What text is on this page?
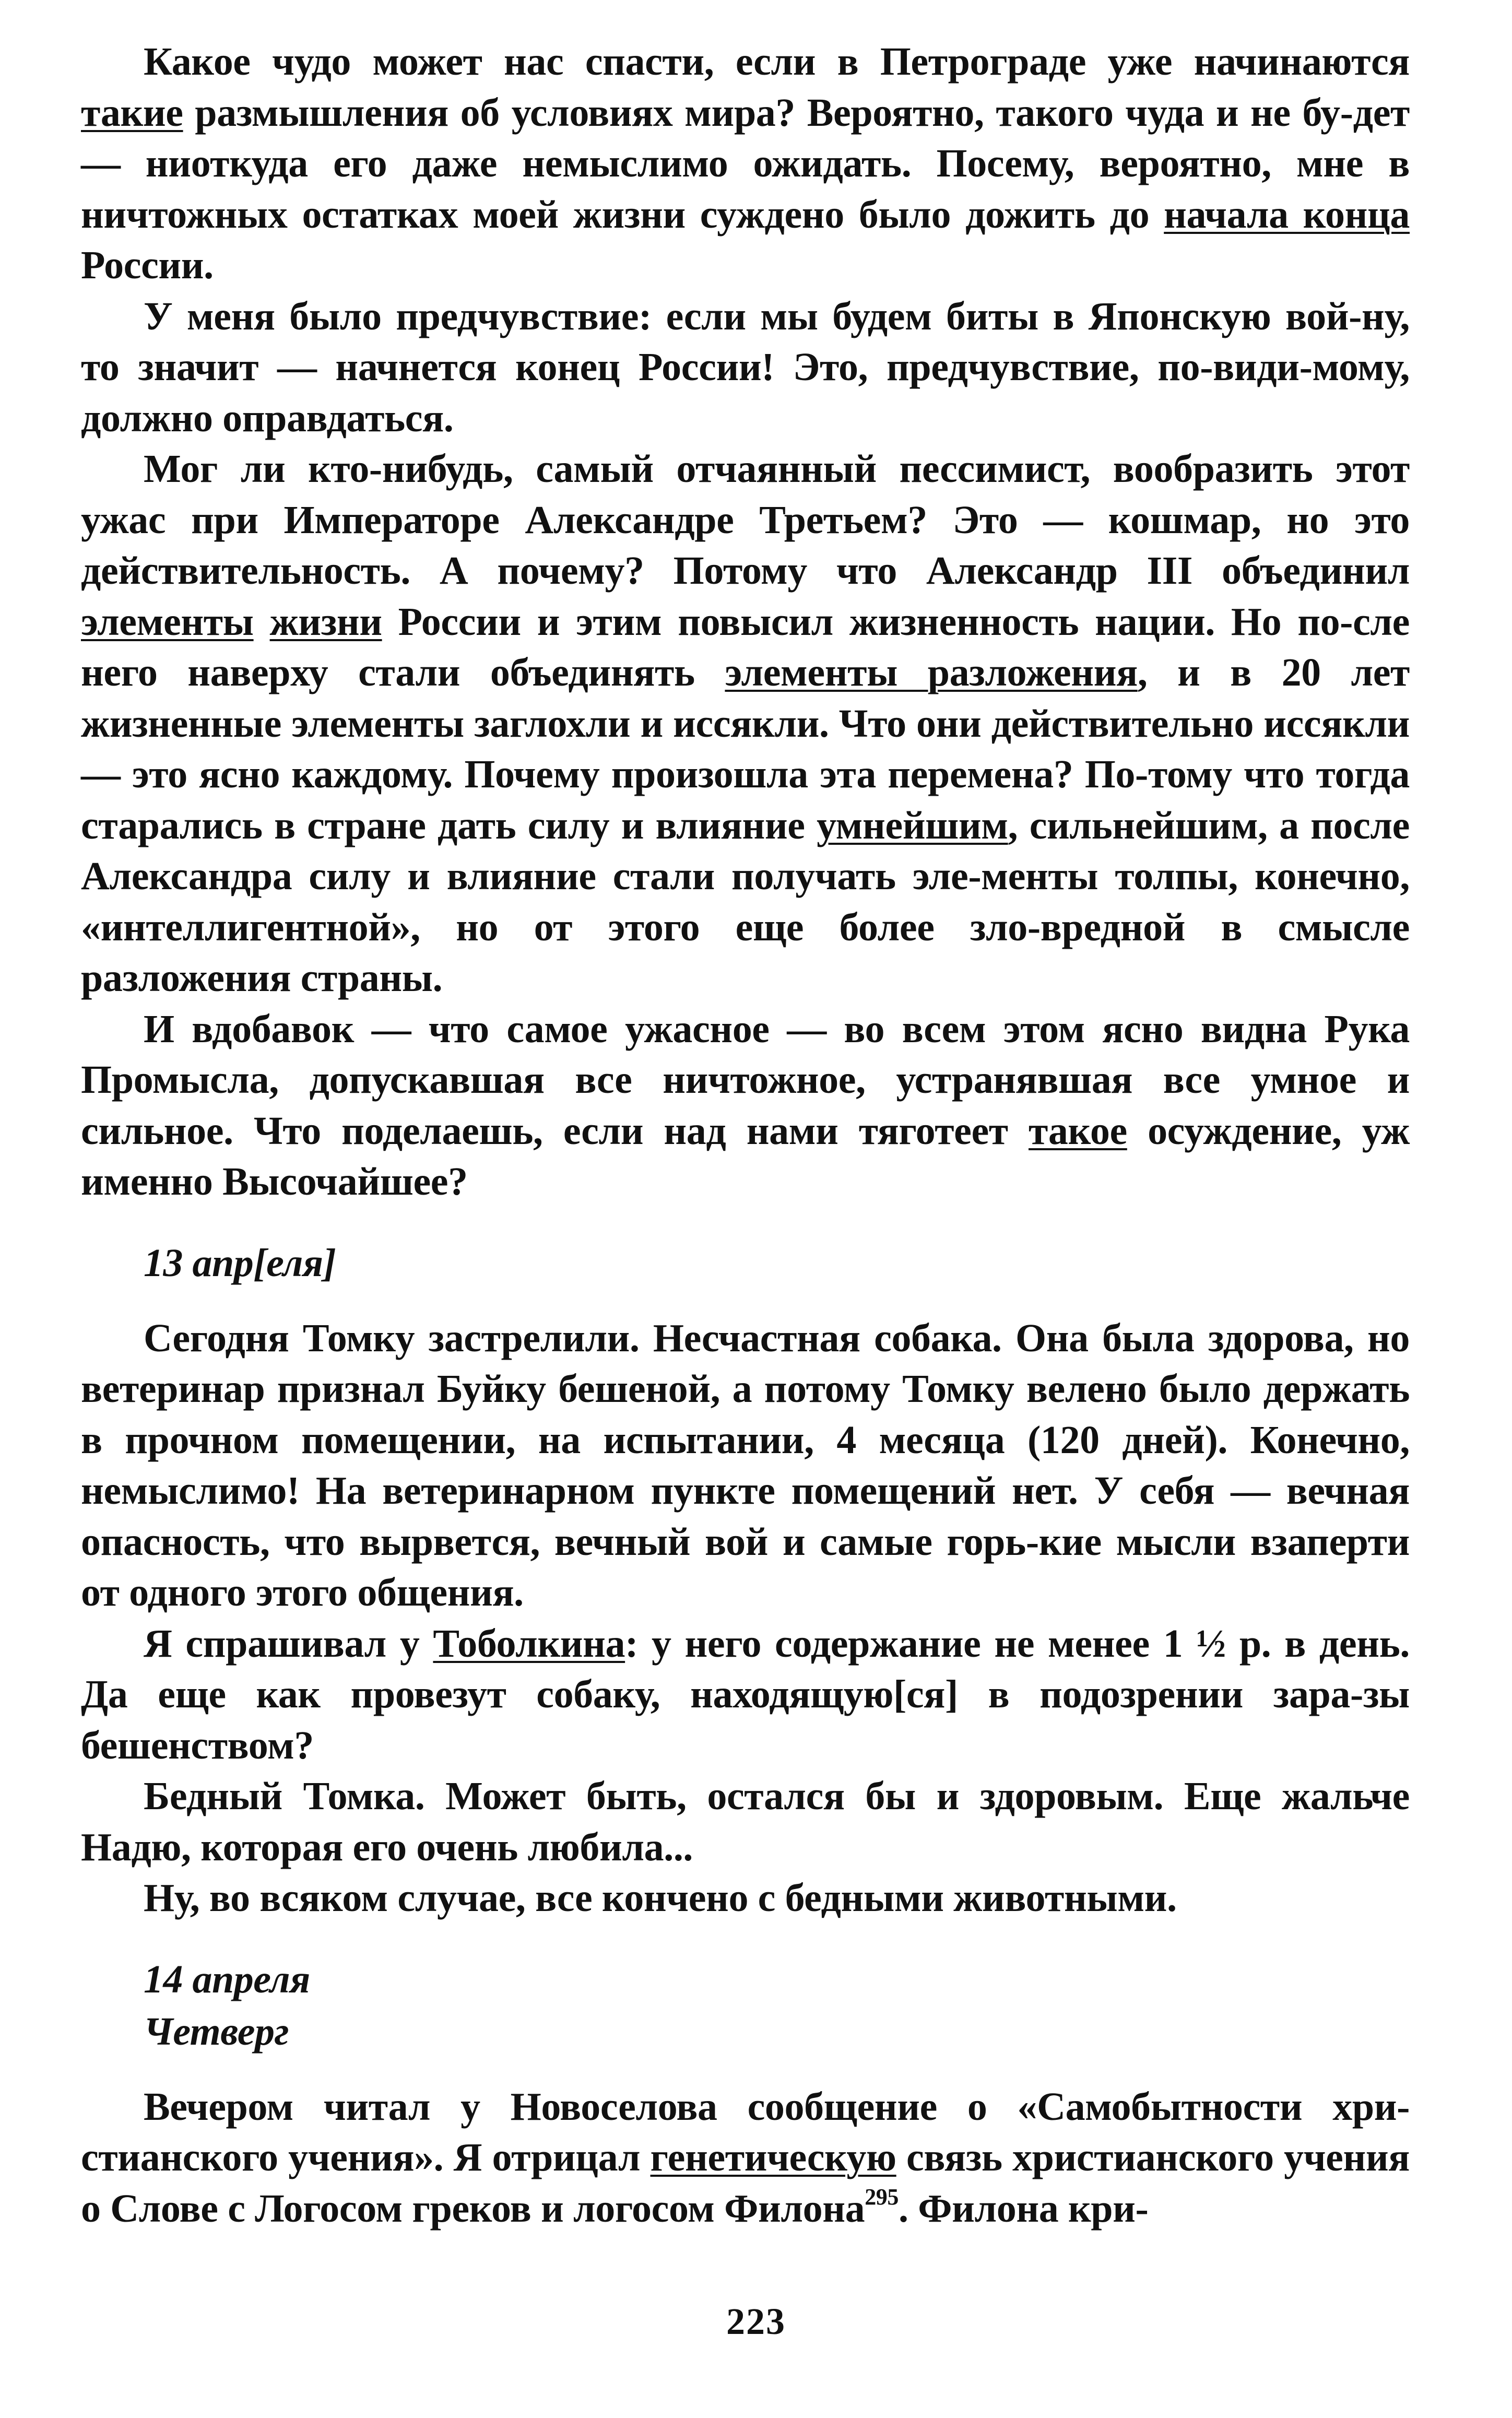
Какое чудо может нас спасти, если в Петрограде уже начинаются такие размышления об условиях мира? Вероятно, такого чуда и не бу-дет — ниоткуда его даже немыслимо ожидать. Посему, вероятно, мне в ничтожных остатках моей жизни суждено было дожить до начала конца России.

У меня было предчувствие: если мы будем биты в Японскую вой-ну, то значит — начнется конец России! Это, предчувствие, по-види-мому, должно оправдаться.

Мог ли кто-нибудь, самый отчаянный пессимист, вообразить этот ужас при Императоре Александре Третьем? Это — кошмар, но это действительность. А почему? Потому что Александр III объединил элементы жизни России и этим повысил жизненность нации. Но по-сле него наверху стали объединять элементы разложения, и в 20 лет жизненные элементы заглохли и иссякли. Что они действительно иссякли — это ясно каждому. Почему произошла эта перемена? По-тому что тогда старались в стране дать силу и влияние умнейшим, сильнейшим, а после Александра силу и влияние стали получать эле-менты толпы, конечно, «интеллигентной», но от этого еще более зло-вредной в смысле разложения страны.

И вдобавок — что самое ужасное — во всем этом ясно видна Рука Промысла, допускавшая все ничтожное, устранявшая все умное и сильное. Что поделаешь, если над нами тяготеет такое осуждение, уж именно Высочайшее?

13 апр[еля]

Сегодня Томку застрелили. Несчастная собака. Она была здорова, но ветеринар признал Буйку бешеной, а потому Томку велено было держать в прочном помещении, на испытании, 4 месяца (120 дней). Конечно, немыслимо! На ветеринарном пункте помещений нет. У себя — вечная опасность, что вырвется, вечный вой и самые горь-кие мысли взаперти от одного этого общения.

Я спрашивал у Тоболкина: у него содержание не менее 1 ½ р. в день. Да еще как провезут собаку, находящую[ся] в подозрении зара-зы бешенством?

Бедный Томка. Может быть, остался бы и здоровым. Еще жальче Надю, которая его очень любила...

Ну, во всяком случае, все кончено с бедными животными.

14 апреля
Четверг

Вечером читал у Новоселова сообщение о «Самобытности хри-стианского учения». Я отрицал генетическую связь христианского учения о Слове с Логосом греков и логосом Филона$^{295}$. Филона кри-

223
